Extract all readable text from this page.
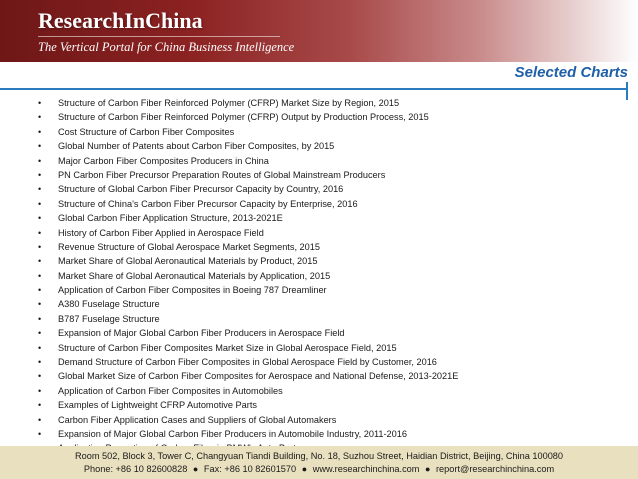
ResearchInChina
The Vertical Portal for China Business Intelligence
Selected Charts
• Structure of Carbon Fiber Reinforced Polymer (CFRP) Market Size by Region, 2015
• Structure of Carbon Fiber Reinforced Polymer (CFRP) Output by Production Process, 2015
• Cost Structure of Carbon Fiber Composites
• Global Number of Patents about Carbon Fiber Composites, by 2015
• Major Carbon Fiber Composites Producers in China
• PN Carbon Fiber Precursor Preparation Routes of Global Mainstream Producers
• Structure of Global Carbon Fiber Precursor Capacity by Country, 2016
• Structure of China’s Carbon Fiber Precursor Capacity by Enterprise, 2016
• Global Carbon Fiber Application Structure, 2013-2021E
• History of Carbon Fiber Applied in Aerospace Field
• Revenue Structure of Global Aerospace Market Segments, 2015
• Market Share of Global Aeronautical Materials by Product, 2015
• Market Share of Global Aeronautical Materials by Application, 2015
• Application of Carbon Fiber Composites in Boeing 787 Dreamliner
• A380 Fuselage Structure
• B787 Fuselage Structure
• Expansion of Major Global Carbon Fiber Producers in Aerospace Field
• Structure of Carbon Fiber Composites Market Size in Global Aerospace Field, 2015
• Demand Structure of Carbon Fiber Composites in Global Aerospace Field by Customer, 2016
• Global Market Size of Carbon Fiber Composites for Aerospace and National Defense, 2013-2021E
• Application of Carbon Fiber Composites in Automobiles
• Examples of Lightweight CFRP Automotive Parts
• Carbon Fiber Application Cases and Suppliers of Global Automakers
• Expansion of Major Global Carbon Fiber Producers in Automobile Industry, 2011-2016
Room 502, Block 3, Tower C, Changyuan Tiandi Building, No. 18, Suzhou Street, Haidian District, Beijing, China 100080
Phone: +86 10 82600828 ● Fax: +86 10 82601570 ● www.researchinchina.com ● report@researchinchina.com
